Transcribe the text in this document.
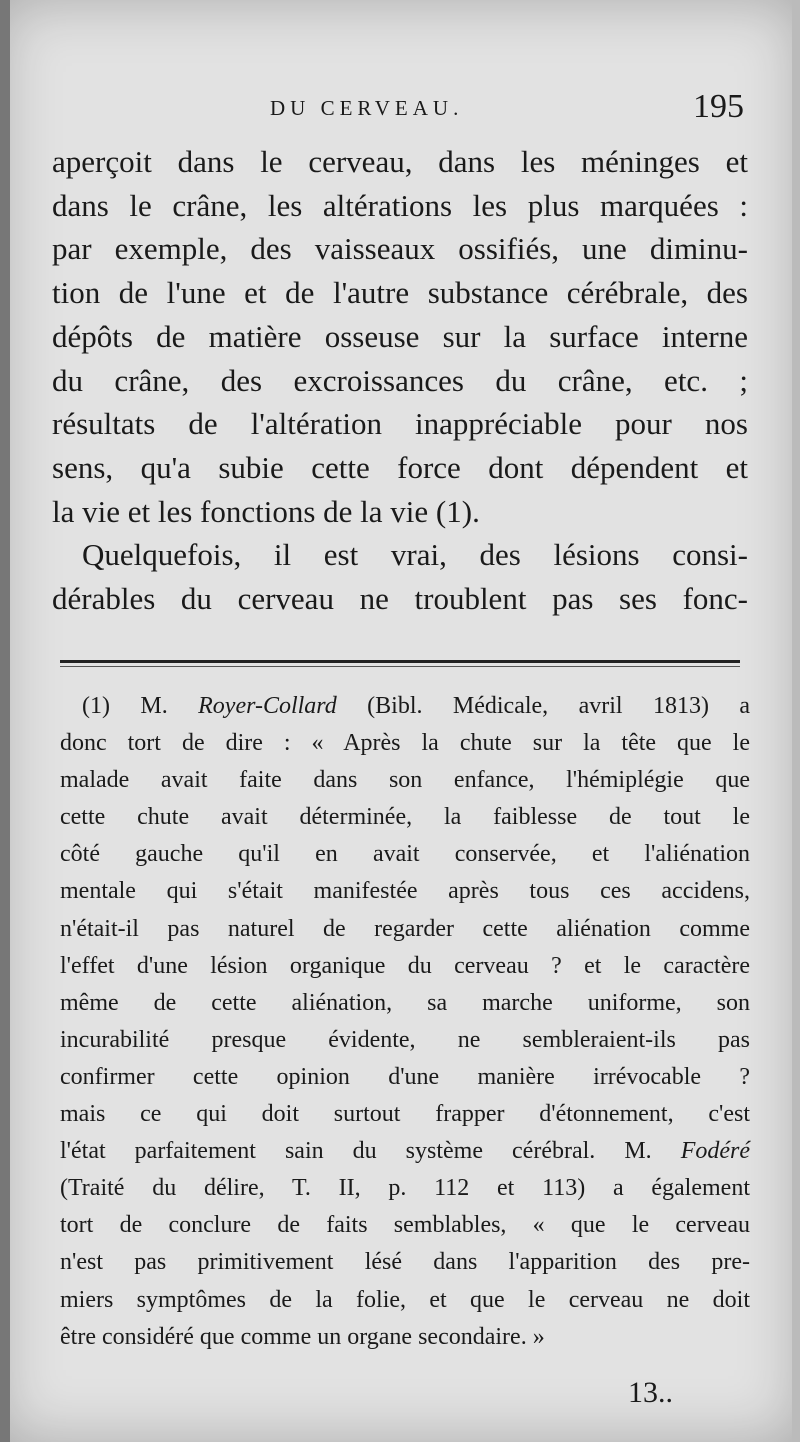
DU CERVEAU.	195
aperçoit dans le cerveau, dans les méninges et
dans le crâne, les altérations les plus marquées :
par exemple, des vaisseaux ossifiés, une diminu-
tion de l'une et de l'autre substance cérébrale, des
dépôts de matière osseuse sur la surface interne
du crâne, des excroissances du crâne, etc. ;
résultats de l'altération inappréciable pour nos
sens, qu'a subie cette force dont dépendent et
la vie et les fonctions de la vie (1).
Quelquefois, il est vrai, des lésions consi-
dérables du cerveau ne troublent pas ses fonc-
(1) M. Royer-Collard (Bibl. Médicale, avril 1813) a
donc tort de dire : « Après la chute sur la tête que le
malade avait faite dans son enfance, l'hémiplégie que
cette chute avait déterminée, la faiblesse de tout le
côté gauche qu'il en avait conservée, et l'aliénation
mentale qui s'était manifestée après tous ces accidens,
n'était-il pas naturel de regarder cette aliénation comme
l'effet d'une lésion organique du cerveau ? et le caractère
même de cette aliénation, sa marche uniforme, son
incurabilité presque évidente, ne sembleraient-ils pas
confirmer cette opinion d'une manière irrévocable ?
mais ce qui doit surtout frapper d'étonnement, c'est
l'état parfaitement sain du système cérébral. M. Fodéré
(Traité du délire, T. II, p. 112 et 113) a également
tort de conclure de faits semblables, « que le cerveau
n'est pas primitivement lésé dans l'apparition des pre-
miers symptômes de la folie, et que le cerveau ne doit
être considéré que comme un organe secondaire. »
13..
